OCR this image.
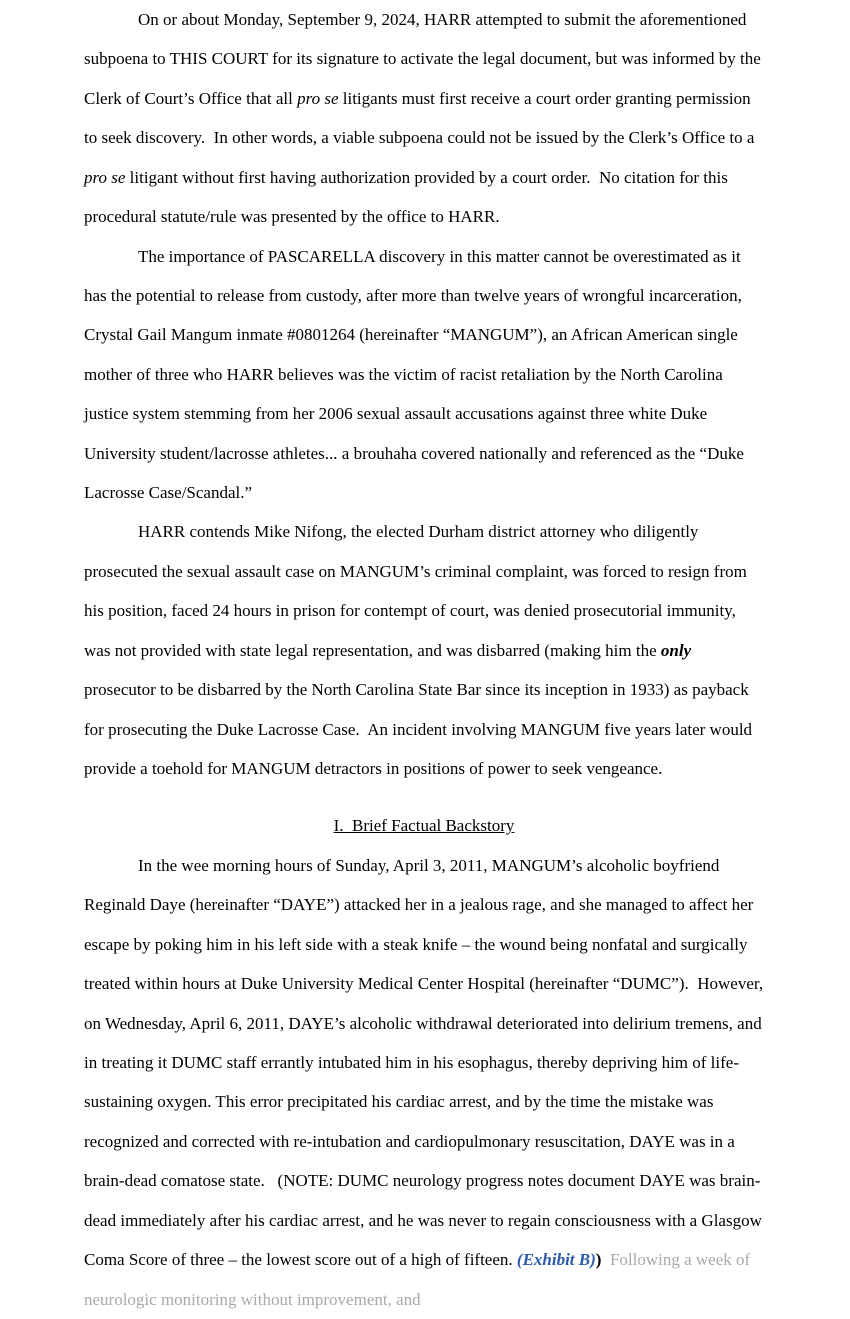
On or about Monday, September 9, 2024, HARR attempted to submit the aforementioned subpoena to THIS COURT for its signature to activate the legal document, but was informed by the Clerk of Court’s Office that all pro se litigants must first receive a court order granting permission to seek discovery.  In other words, a viable subpoena could not be issued by the Clerk’s Office to a pro se litigant without first having authorization provided by a court order.  No citation for this procedural statute/rule was presented by the office to HARR.

The importance of PASCARELLA discovery in this matter cannot be overestimated as it has the potential to release from custody, after more than twelve years of wrongful incarceration, Crystal Gail Mangum inmate #0801264 (hereinafter “MANGUM”), an African American single mother of three who HARR believes was the victim of racist retaliation by the North Carolina justice system stemming from her 2006 sexual assault accusations against three white Duke University student/lacrosse athletes... a brouhaha covered nationally and referenced as the “Duke Lacrosse Case/Scandal.”

HARR contends Mike Nifong, the elected Durham district attorney who diligently prosecuted the sexual assault case on MANGUM’s criminal complaint, was forced to resign from his position, faced 24 hours in prison for contempt of court, was denied prosecutorial immunity, was not provided with state legal representation, and was disbarred (making him the only prosecutor to be disbarred by the North Carolina State Bar since its inception in 1933) as payback for prosecuting the Duke Lacrosse Case.  An incident involving MANGUM five years later would provide a toehold for MANGUM detractors in positions of power to seek vengeance.

I.  Brief Factual Backstory

In the wee morning hours of Sunday, April 3, 2011, MANGUM’s alcoholic boyfriend Reginald Daye (hereinafter “DAYE”) attacked her in a jealous rage, and she managed to affect her escape by poking him in his left side with a steak knife – the wound being nonfatal and surgically treated within hours at Duke University Medical Center Hospital (hereinafter “DUMC”).  However, on Wednesday, April 6, 2011, DAYE’s alcoholic withdrawal deteriorated into delirium tremens, and in treating it DUMC staff errantly intubated him in his esophagus, thereby depriving him of life-sustaining oxygen. This error precipitated his cardiac arrest, and by the time the mistake was recognized and corrected with re-intubation and cardiopulmonary resuscitation, DAYE was in a brain-dead comatose state.   (NOTE: DUMC neurology progress notes document DAYE was brain-dead immediately after his cardiac arrest, and he was never to regain consciousness with a Glasgow Coma Score of three – the lowest score out of a high of fifteen. (Exhibit B))  Following a week of neurologic monitoring without improvement, and
